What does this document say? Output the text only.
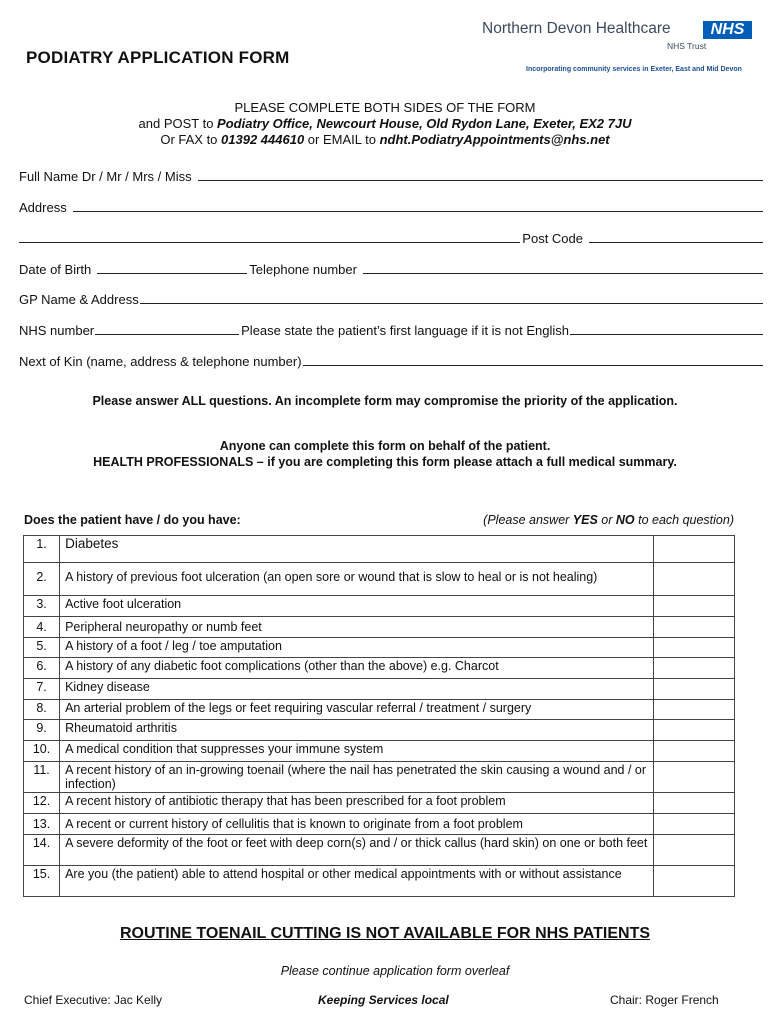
PODIATRY APPLICATION FORM
Northern Devon Healthcare	NHS
NHS Trust
Incorporating community services in Exeter, East and Mid Devon
PLEASE COMPLETE BOTH SIDES OF THE FORM
and POST to Podiatry Office, Newcourt House, Old Rydon Lane, Exeter, EX2 7JU
Or FAX to 01392 444610 or EMAIL to ndht.PodiatryAppointments@nhs.net
Full Name Dr / Mr / Mrs / Miss
Address
Post Code
Date of Birth	Telephone number
GP Name & Address
NHS number	Please state the patient’s first language if it is not English
Next of Kin (name, address & telephone number)
Please answer ALL questions. An incomplete form may compromise the priority of the application.
Anyone can complete this form on behalf of the patient.
HEALTH PROFESSIONALS – if you are completing this form please attach a full medical summary.
Does the patient have / do you have:	(Please answer YES or NO to each question)
1.	Diabetes	
2.	A history of previous foot ulceration (an open sore or wound that is slow to heal or is not healing)	
3.	Active foot ulceration	
4.	Peripheral neuropathy or numb feet	
5.	A history of a foot / leg / toe amputation	
6.	A history of any diabetic foot complications (other than the above) e.g. Charcot	
7.	Kidney disease	
8.	An arterial problem of the legs or feet requiring vascular referral / treatment / surgery	
9.	Rheumatoid arthritis	
10.	A medical condition that suppresses your immune system	
11.	A recent history of an in-growing toenail (where the nail has penetrated the skin causing a wound and / or infection)	
12.	A recent history of antibiotic therapy that has been prescribed for a foot problem	
13.	A recent or current history of cellulitis that is known to originate from a foot problem	
14.	A severe deformity of the foot or feet with deep corn(s) and / or thick callus (hard skin) on one or both feet	
15.	Are you (the patient) able to attend hospital or other medical appointments with or without assistance	
ROUTINE TOENAIL CUTTING IS NOT AVAILABLE FOR NHS PATIENTS
Please continue application form overleaf
Chief Executive: Jac Kelly	Keeping Services local	Chair: Roger French
